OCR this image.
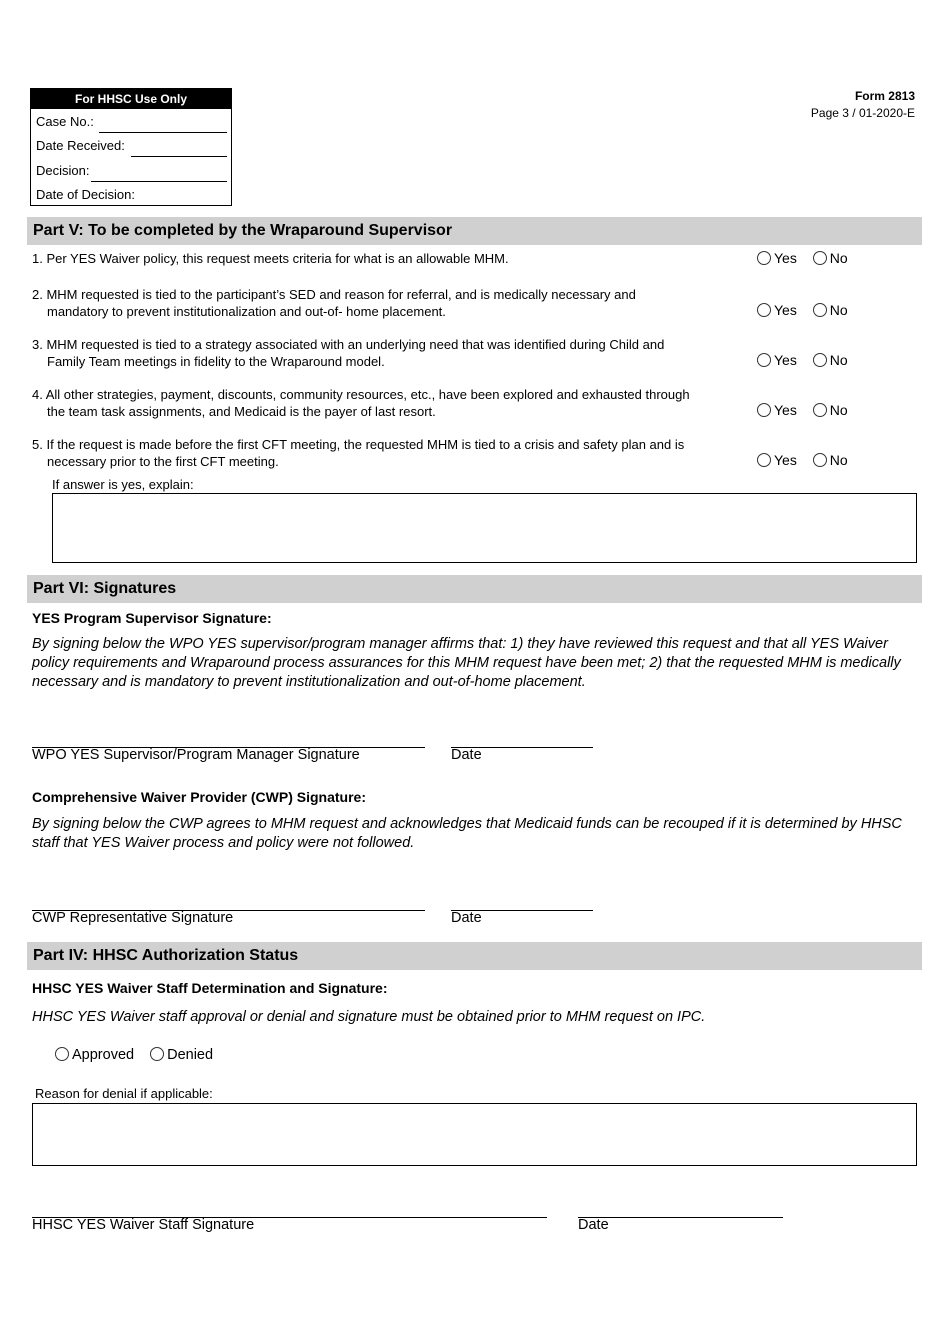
For HHSC Use Only
Case No.:
Date Received:
Decision:
Date of Decision:
Form 2813
Page 3 / 01-2020-E
Part V: To be completed by the Wraparound Supervisor
1. Per YES Waiver policy, this request meets criteria for what is an allowable MHM.	Yes No
2. MHM requested is tied to the participant’s SED and reason for referral, and is medically necessary and
mandatory to prevent institutionalization and out-of- home placement.	Yes No
3. MHM requested is tied to a strategy associated with an underlying need that was identified during Child and
Family Team meetings in fidelity to the Wraparound model.	Yes No
4. All other strategies, payment, discounts, community resources, etc., have been explored and exhausted through
the team task assignments, and Medicaid is the payer of last resort.	Yes No
5. If the request is made before the first CFT meeting, the requested MHM is tied to a crisis and safety plan and is
necessary prior to the first CFT meeting.	Yes No
If answer is yes, explain:
Part VI: Signatures
YES Program Supervisor Signature:
By signing below the WPO YES supervisor/program manager affirms that: 1) they have reviewed this request and that all YES Waiver policy requirements and Wraparound process assurances for this MHM request have been met; 2) that the requested MHM is medically necessary and is mandatory to prevent institutionalization and out-of-home placement.
WPO YES Supervisor/Program Manager Signature	Date
Comprehensive Waiver Provider (CWP) Signature:
By signing below the CWP agrees to MHM request and acknowledges that Medicaid funds can be recouped if it is determined by HHSC staff that YES Waiver process and policy were not followed.
CWP Representative Signature	Date
Part IV: HHSC Authorization Status
HHSC YES Waiver Staff Determination and Signature:
HHSC YES Waiver staff approval or denial and signature must be obtained prior to MHM request on IPC.
Approved Denied
Reason for denial if applicable:
HHSC YES Waiver Staff Signature	Date
